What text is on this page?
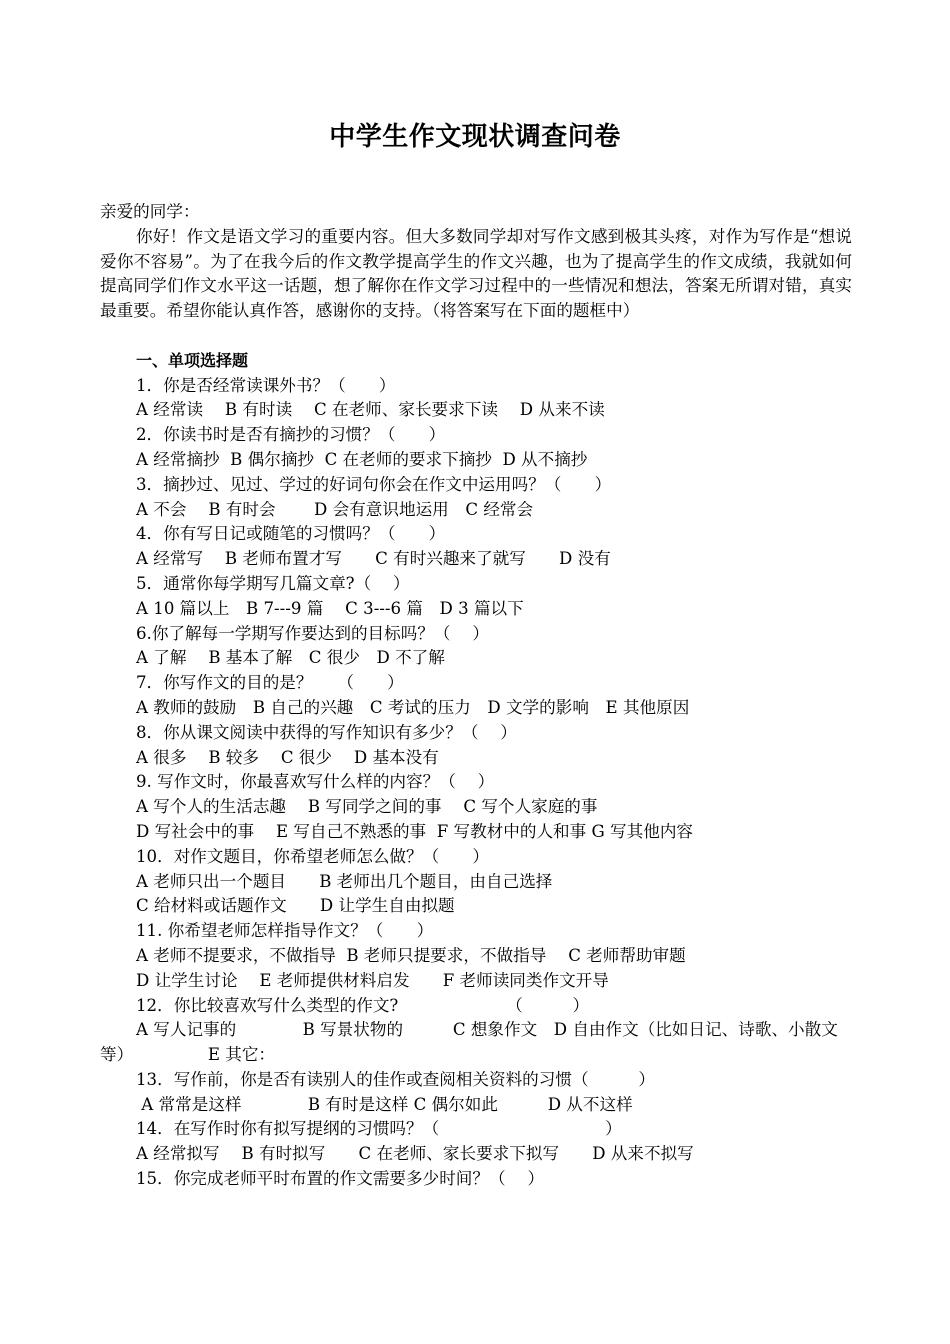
中学生作文现状调查问卷

亲爱的同学：

你好！作文是语文学习的重要内容。但大多数同学却对写作文感到极其头疼，对作为写作是“想说爱你不容易”。为了在我今后的作文教学提高学生的作文兴趣，也为了提高学生的作文成绩，我就如何提高同学们作文水平这一话题，想了解你在作文学习过程中的一些情况和想法，答案无所谓对错，真实最重要。希望你能认真作答，感谢你的支持。（将答案写在下面的题框中）

一、单项选择题

1．你是否经常读课外书？（　　）

A 经常读　 B 有时读　 C 在老师、家长要求下读　 D 从来不读

2．你读书时是否有摘抄的习惯？（　　）

A 经常摘抄  B 偶尔摘抄  C 在老师的要求下摘抄  D 从不摘抄

3．摘抄过、见过、学过的好词句你会在作文中运用吗？（　　）

A 不会　 B 有时会　　 D 会有意识地运用　C 经常会

4．你有写日记或随笔的习惯吗？（　　）

A 经常写　 B 老师布置才写　　C 有时兴趣来了就写　　D 没有

5．通常你每学期写几篇文章?（　 ）

A 10 篇以上　B 7---9 篇　 C 3---6 篇　D 3 篇以下

6.你了解每一学期写作要达到的目标吗？（　 ）

A 了解　 B 基本了解　C 很少　D 不了解

7．你写作文的目的是？　　（　　）

A 教师的鼓励　B 自己的兴趣　C 考试的压力　D 文学的影响　E 其他原因

8．你从课文阅读中获得的写作知识有多少？（　 ）

A 很多　 B 较多　 C 很少　 D 基本没有

9. 写作文时，你最喜欢写什么样的内容？（　 ）

A 写个人的生活志趣　 B 写同学之间的事　 C 写个人家庭的事

D 写社会中的事　 E 写自己不熟悉的事  F 写教材中的人和事 G 写其他内容

10．对作文题目，你希望老师怎么做？（　　）

A 老师只出一个题目　　B 老师出几个题目，由自己选择

C 给材料或话题作文　　D 让学生自由拟题

11. 你希望老师怎样指导作文？（　　）

A 老师不提要求，不做指导  B 老师只提要求，不做指导　 C 老师帮助审题

D 让学生讨论　 E 老师提供材料启发　　F 老师读同类作文开导

12．你比较喜欢写什么类型的作文?　　　　　　　（　　　）

A 写人记事的　　　　B 写景状物的　　　C 想象作文　D 自由作文（比如日记、诗歌、小散文等）　　　　　E 其它：

13．写作前，你是否有读别人的佳作或查阅相关资料的习惯（　　　）

A 常常是这样　　　　B 有时是这样 C 偶尔如此　　　D 从不这样

14．在写作时你有拟写提纲的习惯吗？（　　　　　　　　　　）

A 经常拟写　 B 有时拟写　　C 在老师、家长要求下拟写　　D 从来不拟写

15．你完成老师平时布置的作文需要多少时间？（　 ）
